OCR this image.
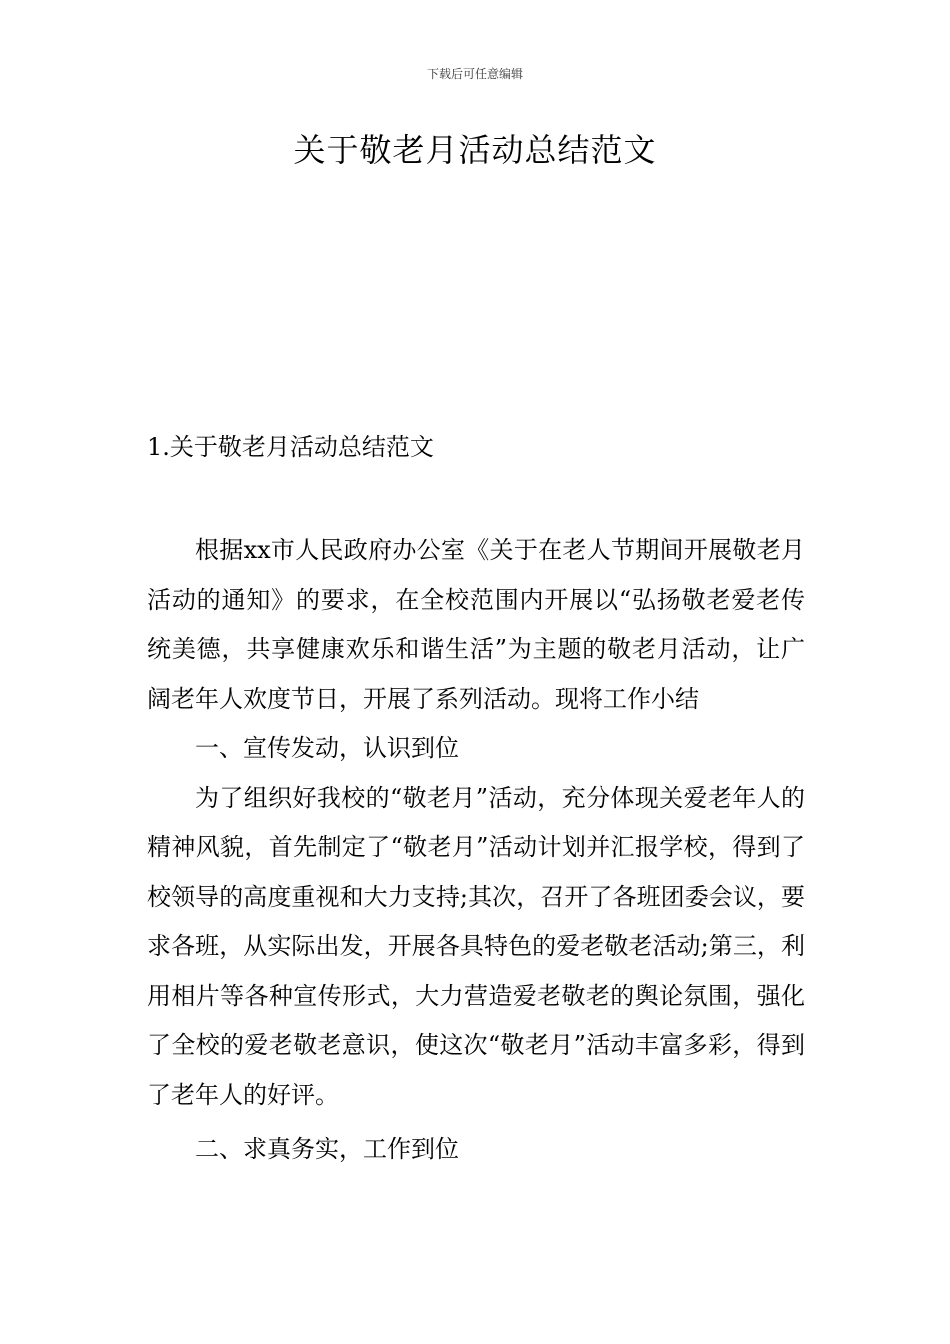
下载后可任意编辑
关于敬老月活动总结范文
1.关于敬老月活动总结范文

根据xx市人民政府办公室《关于在老人节期间开展敬老月活动的通知》的要求，在全校范围内开展以“弘扬敬老爱老传统美德，共享健康欢乐和谐生活”为主题的敬老月活动，让广阔老年人欢度节日，开展了系列活动。现将工作小结

一、宣传发动，认识到位

为了组织好我校的“敬老月”活动，充分体现关爱老年人的精神风貌，首先制定了“敬老月”活动计划并汇报学校，得到了校领导的高度重视和大力支持;其次，召开了各班团委会议，要求各班，从实际出发，开展各具特色的爱老敬老活动;第三，利用相片等各种宣传形式，大力营造爱老敬老的舆论氛围，强化了全校的爱老敬老意识，使这次“敬老月”活动丰富多彩，得到了老年人的好评。

二、求真务实，工作到位
